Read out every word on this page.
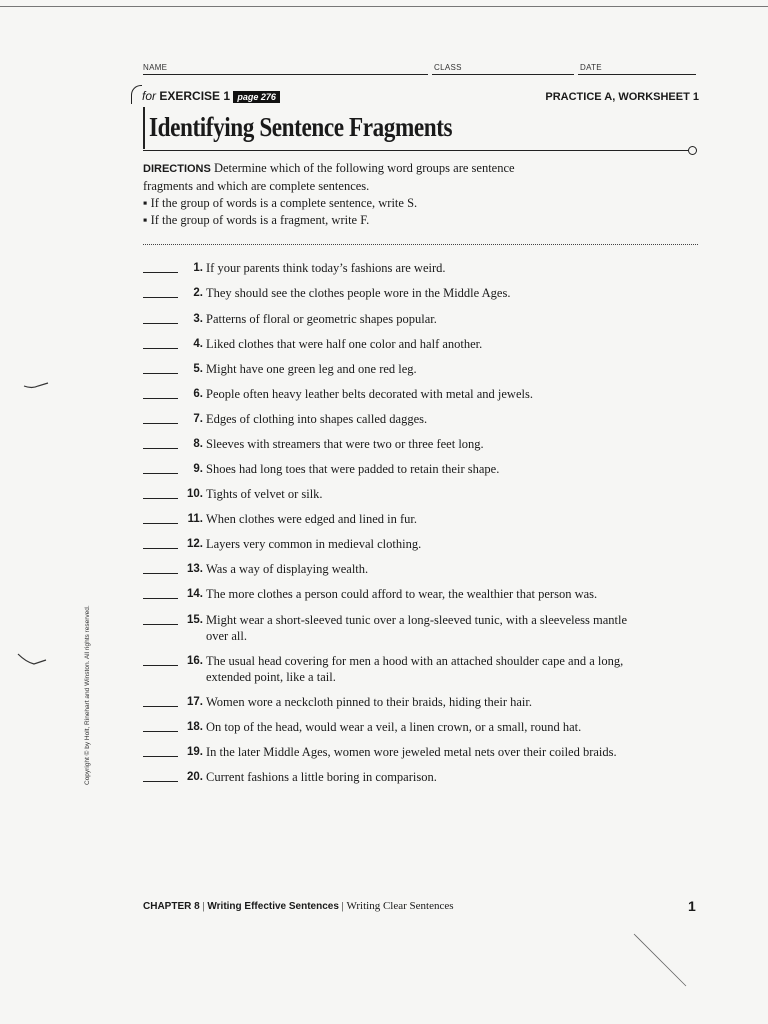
NAME	CLASS	DATE
for EXERCISE 1 page 276	PRACTICE A, WORKSHEET 1
Identifying Sentence Fragments
DIRECTIONS Determine which of the following word groups are sentence
fragments and which are complete sentences.
▪ If the group of words is a complete sentence, write S.
▪ If the group of words is a fragment, write F.
1. If your parents think today’s fashions are weird.
2. They should see the clothes people wore in the Middle Ages.
3. Patterns of floral or geometric shapes popular.
4. Liked clothes that were half one color and half another.
5. Might have one green leg and one red leg.
6. People often heavy leather belts decorated with metal and jewels.
7. Edges of clothing into shapes called dagges.
8. Sleeves with streamers that were two or three feet long.
9. Shoes had long toes that were padded to retain their shape.
10. Tights of velvet or silk.
11. When clothes were edged and lined in fur.
12. Layers very common in medieval clothing.
13. Was a way of displaying wealth.
14. The more clothes a person could afford to wear, the wealthier that person was.
15. Might wear a short-sleeved tunic over a long-sleeved tunic, with a sleeveless mantle
over all.
16. The usual head covering for men a hood with an attached shoulder cape and a long,
extended point, like a tail.
17. Women wore a neckcloth pinned to their braids, hiding their hair.
18. On top of the head, would wear a veil, a linen crown, or a small, round hat.
19. In the later Middle Ages, women wore jeweled metal nets over their coiled braids.
20. Current fashions a little boring in comparison.
Copyright © by Holt, Rinehart and Winston. All rights reserved.
CHAPTER 8 | Writing Effective Sentences | Writing Clear Sentences	1
